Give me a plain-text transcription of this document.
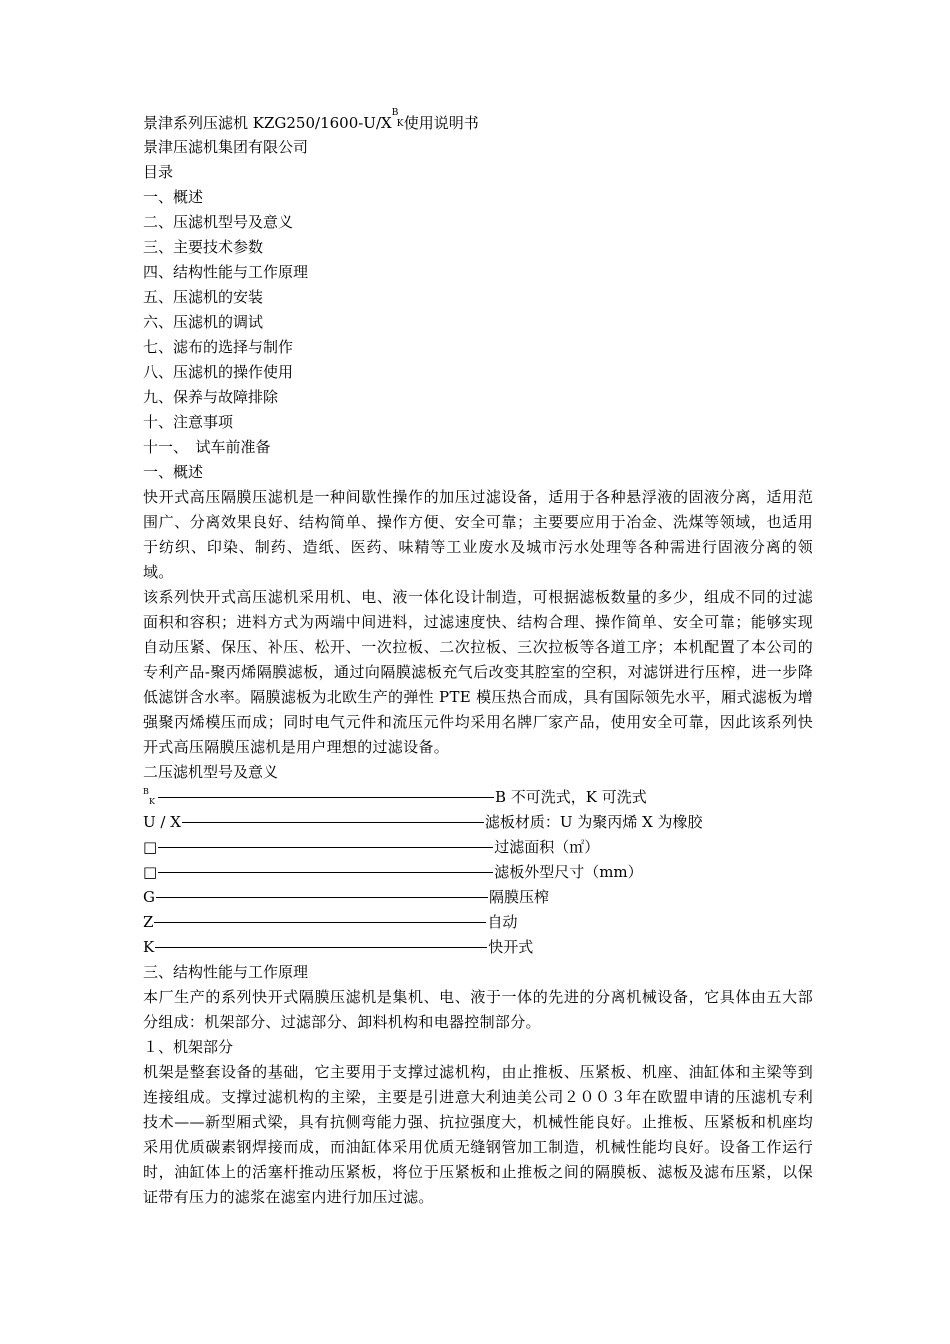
景津系列压滤机 KZG250/1600-U/X
B
K 使用说明书
景津压滤机集团有限公司
目录
一、概述
二、压滤机型号及意义
三、主要技术参数
四、结构性能与工作原理
五、压滤机的安装
六、压滤机的调试
七、滤布的选择与制作
八、压滤机的操作使用
九、保养与故障排除
十、注意事项
十一、　试车前准备
一、概述
快开式高压隔膜压滤机是一种间歇性操作的加压过滤设备，适用于各种悬浮液的固液分离，适用范围广、分离效果良好、结构简单、操作方便、安全可靠；主要要应用于冶金、洗煤等领域，也适用于纺织、印染、制药、造纸、医药、味精等工业废水及城市污水处理等各种需进行固液分离的领域。
该系列快开式高压滤机采用机、电、液一体化设计制造，可根据滤板数量的多少，组成不同的过滤面积和容积；进料方式为两端中间进料，过滤速度快、结构合理、操作简单、安全可靠；能够实现自动压紧、保压、补压、松开、一次拉板、二次拉板、三次拉板等各道工序；本机配置了本公司的专利产品-聚丙烯隔膜滤板，通过向隔膜滤板充气后改变其腔室的空积，对滤饼进行压榨，进一步降低滤饼含水率。隔膜滤板为北欧生产的弹性 PTE 模压热合而成，具有国际领先水平，厢式滤板为增强聚丙烯模压而成；同时电气元件和流压元件均采用名牌厂家产品，使用安全可靠，因此该系列快开式高压隔膜压滤机是用户理想的过滤设备。
二压滤机型号及意义
B
K	B 不可洗式，K 可洗式
U / X	滤板材质：U 为聚丙烯 X 为橡胶
□	过滤面积（㎡）
□	滤板外型尺寸（mm）
G	隔膜压榨
Z	自动
K	快开式
三、结构性能与工作原理
本厂生产的系列快开式隔膜压滤机是集机、电、液于一体的先进的分离机械设备，它具体由五大部分组成：机架部分、过滤部分、卸料机构和电器控制部分。
１、机架部分
机架是整套设备的基础，它主要用于支撑过滤机构，由止推板、压紧板、机座、油缸体和主梁等到连接组成。支撑过滤机构的主梁，主要是引进意大利迪美公司２００３年在欧盟申请的压滤机专利技术——新型厢式梁，具有抗侧弯能力强、抗拉强度大，机械性能良好。止推板、压紧板和机座均采用优质碳素钢焊接而成，而油缸体采用优质无缝钢管加工制造，机械性能均良好。设备工作运行时，油缸体上的活塞杆推动压紧板，将位于压紧板和止推板之间的隔膜板、滤板及滤布压紧，以保证带有压力的滤浆在滤室内进行加压过滤。
